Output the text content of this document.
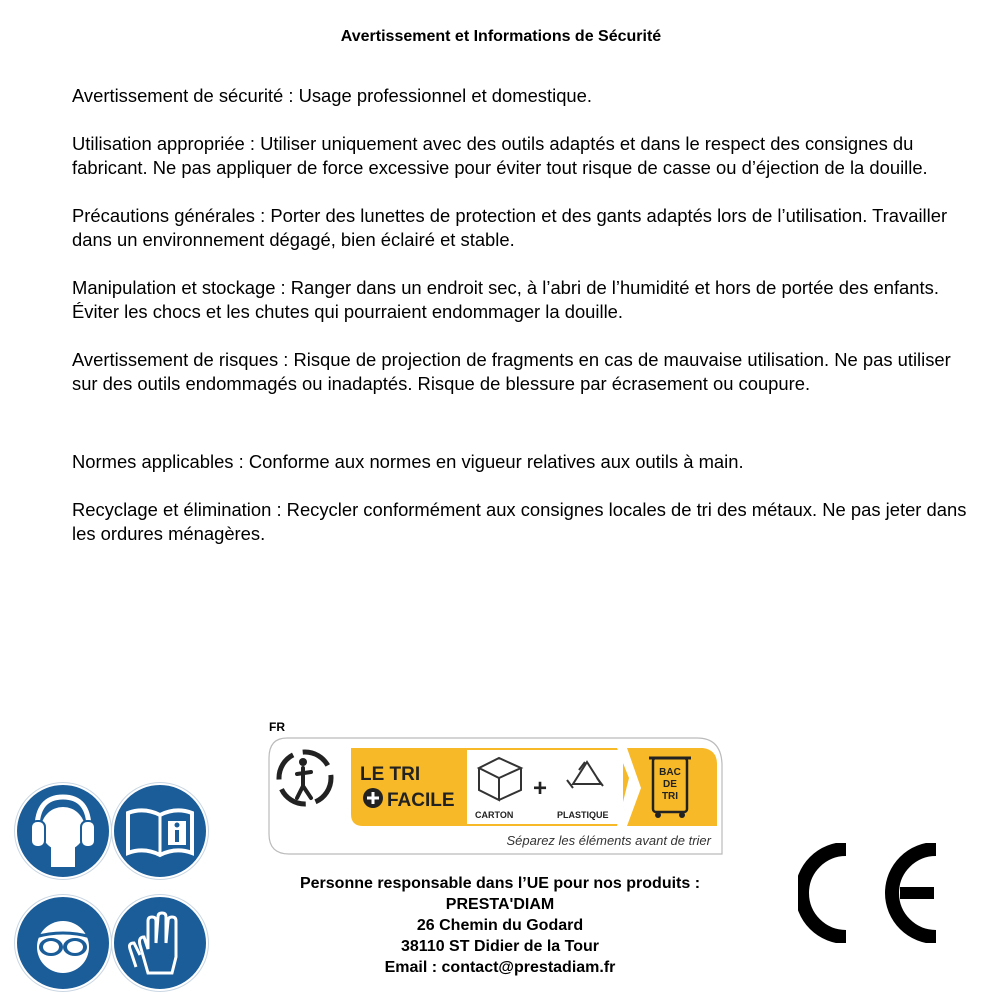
Avertissement et Informations de Sécurité

Avertissement de sécurité : Usage professionnel et domestique.

Utilisation appropriée : Utiliser uniquement avec des outils adaptés et dans le respect des consignes du fabricant. Ne pas appliquer de force excessive pour éviter tout risque de casse ou d’éjection de la douille.

Précautions générales : Porter des lunettes de protection et des gants adaptés lors de l’utilisation. Travailler dans un environnement dégagé, bien éclairé et stable.

Manipulation et stockage : Ranger dans un endroit sec, à l’abri de l’humidité et hors de portée des enfants. Éviter les chocs et les chutes qui pourraient endommager la douille.

Avertissement de risques : Risque de projection de fragments en cas de mauvaise utilisation. Ne pas utiliser sur des outils endommagés ou inadaptés. Risque de blessure par écrasement ou coupure.

Normes applicables : Conforme aux normes en vigueur relatives aux outils à main.

Recyclage et élimination : Recycler conformément aux consignes locales de tri des métaux. Ne pas jeter dans les ordures ménagères.

FR
LE TRI
FACILE
CARTON
+
PLASTIQUE
BAC
DE
TRI
Séparez les éléments avant de trier
Personne responsable dans l’UE pour nos produits :
PRESTA'DIAM
26 Chemin du Godard
38110 ST Didier de la Tour
Email : contact@prestadiam.fr
